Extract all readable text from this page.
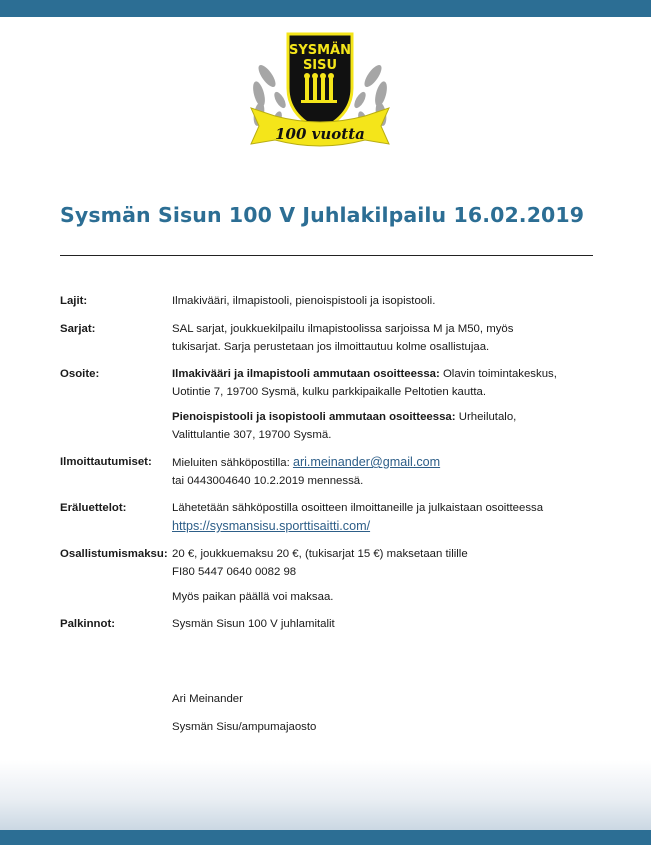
SYSMÄN
SISU
100 vuotta
Sysmän Sisun 100 V Juhlakilpailu 16.02.2019
Lajit:	Ilmakivääri, ilmapistooli, pienoispistooli ja isopistooli.

Sarjat:	SAL sarjat, joukkuekilpailu ilmapistoolissa sarjoissa M ja M50, myös

tukisarjat. Sarja perustetaan jos ilmoittautuu kolme osallistujaa.

Osoite:	Ilmakivääri ja ilmapistooli ammutaan osoitteessa: Olavin toimintakeskus,

Uotintie 7, 19700 Sysmä, kulku parkkipaikalle Peltotien kautta.

Pienoispistooli ja isopistooli ammutaan osoitteessa: Urheilutalo,

Valittulantie 307, 19700 Sysmä.

Ilmoittautumiset:	Mieluiten sähköpostilla: ari.meinander@gmail.com

tai 0443004640 10.2.2019 mennessä.

Eräluettelot:	Lähetetään sähköpostilla osoitteen ilmoittaneille ja julkaistaan osoitteessa

https://sysmansisu.sporttisaitti.com/

Osallistumismaksu: 20 €, joukkuemaksu 20 €, (tukisarjat 15 €) maksetaan tilille

FI80 5447 0640 0082 98

Myös paikan päällä voi maksaa.

Palkinnot:	Sysmän Sisun 100 V juhlamitalit

Ari Meinander
Sysmän Sisu/ampumajaosto
